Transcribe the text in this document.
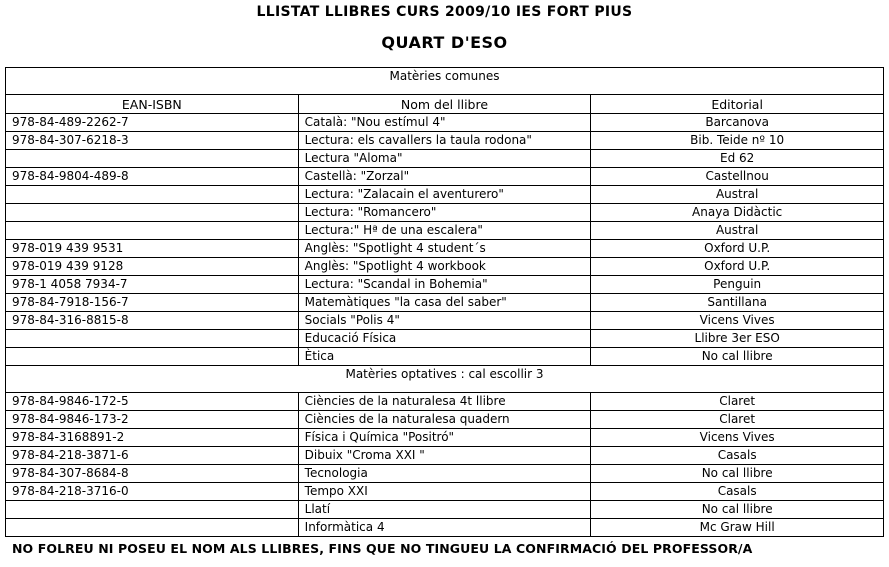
LLISTAT LLIBRES CURS 2009/10 IES FORT PIUS
QUART D'ESO
Matèries comunes		
EAN-ISBN	Nom del llibre	Editorial
978-84-489-2262-7	Català: "Nou estímul 4"	Barcanova
978-84-307-6218-3	Lectura: els cavallers la taula rodona"	Bib. Teide nº 10
	Lectura "Aloma"	Ed 62
978-84-9804-489-8	Castellà: "Zorzal"	Castellnou
	Lectura: "Zalacain el aventurero"	Austral
	Lectura: "Romancero"	Anaya Didàctic
	Lectura:" Hª de una escalera"	Austral
978-019 439 9531	Anglès: "Spotlight 4 student´s	Oxford U.P.
978-019 439 9128	Anglès: "Spotlight 4 workbook	Oxford U.P.
978-1 4058 7934-7	Lectura: "Scandal in Bohemia"	Penguin
978-84-7918-156-7	Matemàtiques "la casa del saber"	Santillana
978-84-316-8815-8	Socials "Polis 4"	Vicens Vives
	Educació Física	Llibre 3er ESO
	Ètica	No cal llibre
Matèries optatives : cal escollir 3		
978-84-9846-172-5	Ciències de la naturalesa 4t llibre	Claret
978-84-9846-173-2	Ciències de la naturalesa quadern	Claret
978-84-3168891-2	Física i Química "Positró"	Vicens Vives
978-84-218-3871-6	Dibuix "Croma XXI "	Casals
978-84-307-8684-8	Tecnologia	No cal llibre
978-84-218-3716-0	Tempo XXI	Casals
	Llatí	No cal llibre
	Informàtica 4	Mc Graw Hill
NO FOLREU NI POSEU EL NOM ALS LLIBRES, FINS QUE NO TINGUEU LA CONFIRMACIÓ DEL PROFESSOR/A
